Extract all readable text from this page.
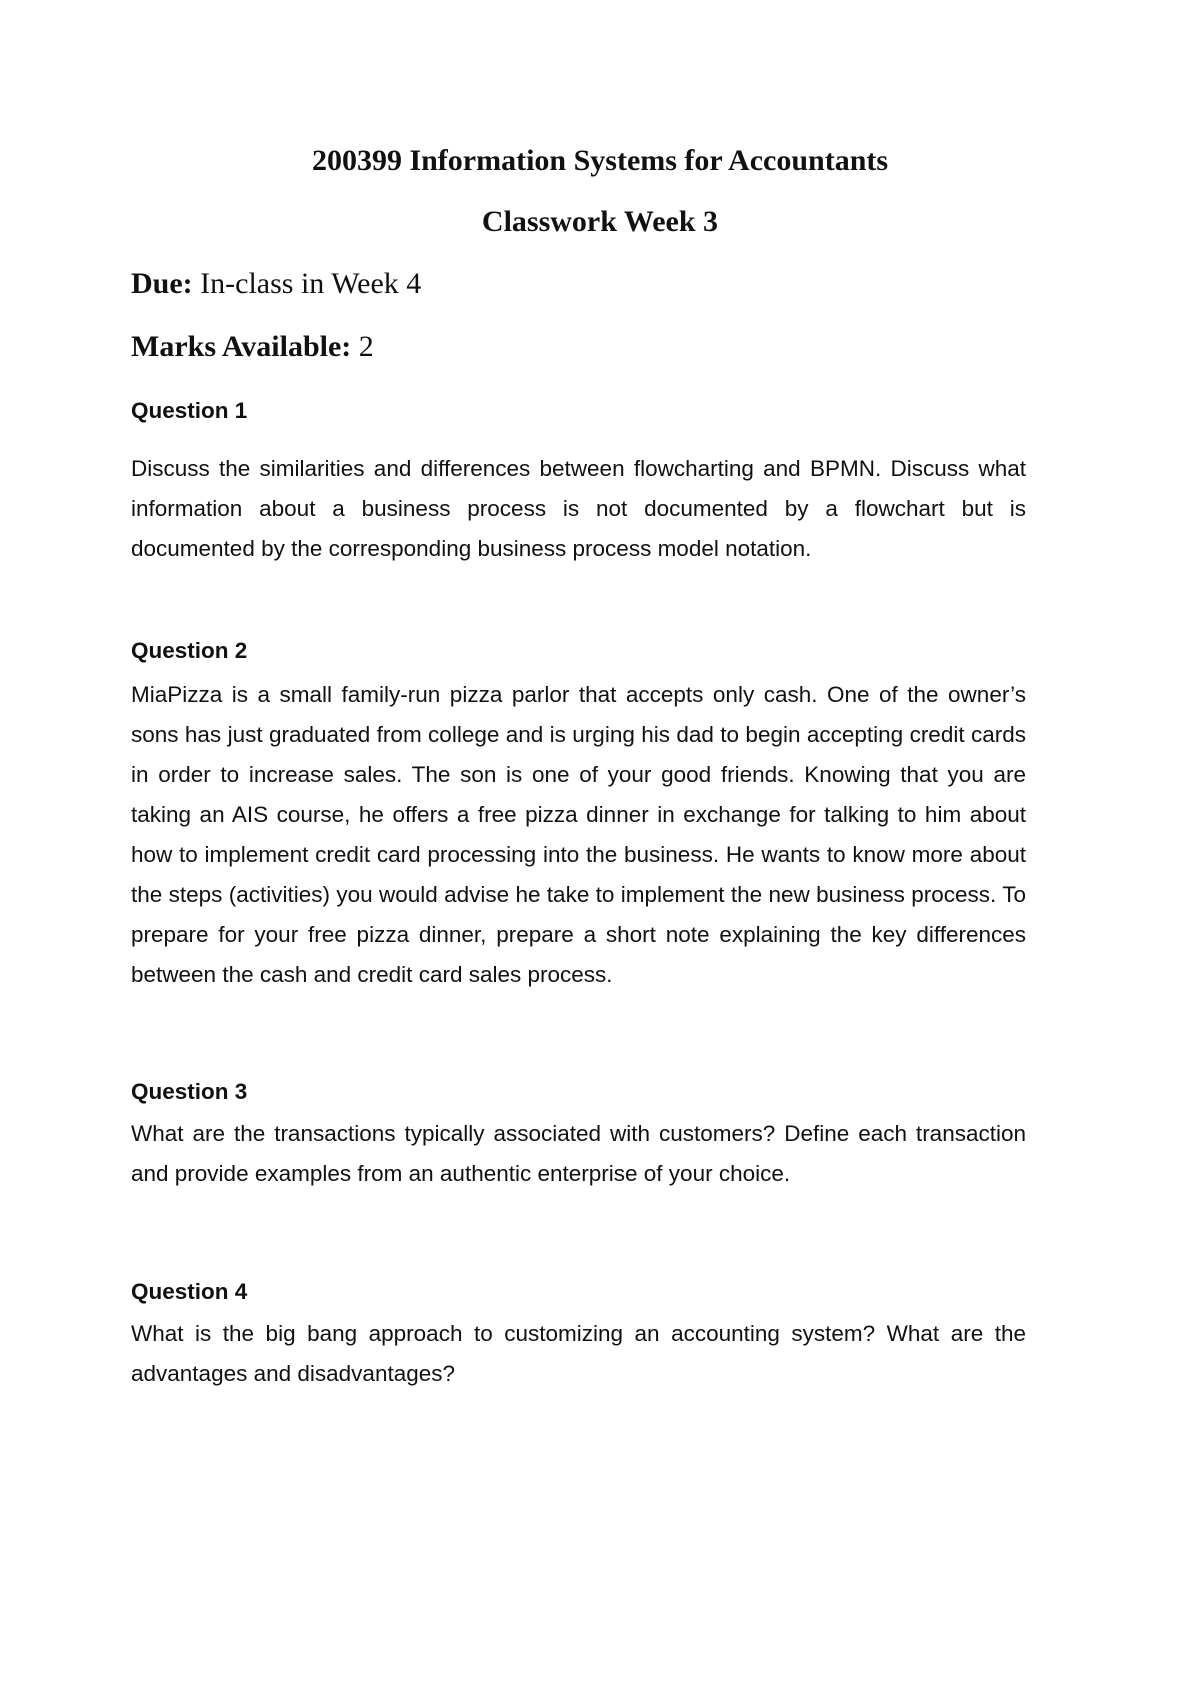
200399 Information Systems for Accountants
Classwork Week 3

Due: In-class in Week 4

Marks Available: 2

Question 1

Discuss the similarities and differences between flowcharting and BPMN. Discuss what information about a business process is not documented by a flowchart but is documented by the corresponding business process model notation.

Question 2

MiaPizza is a small family-run pizza parlor that accepts only cash. One of the owner’s sons has just graduated from college and is urging his dad to begin accepting credit cards in order to increase sales. The son is one of your good friends. Knowing that you are taking an AIS course, he offers a free pizza dinner in exchange for talking to him about how to implement credit card processing into the business. He wants to know more about the steps (activities) you would advise he take to implement the new business process. To prepare for your free pizza dinner, prepare a short note explaining the key differences between the cash and credit card sales process.

Question 3

What are the transactions typically associated with customers? Define each transaction and provide examples from an authentic enterprise of your choice.

Question 4

What is the big bang approach to customizing an accounting system? What are the advantages and disadvantages?
